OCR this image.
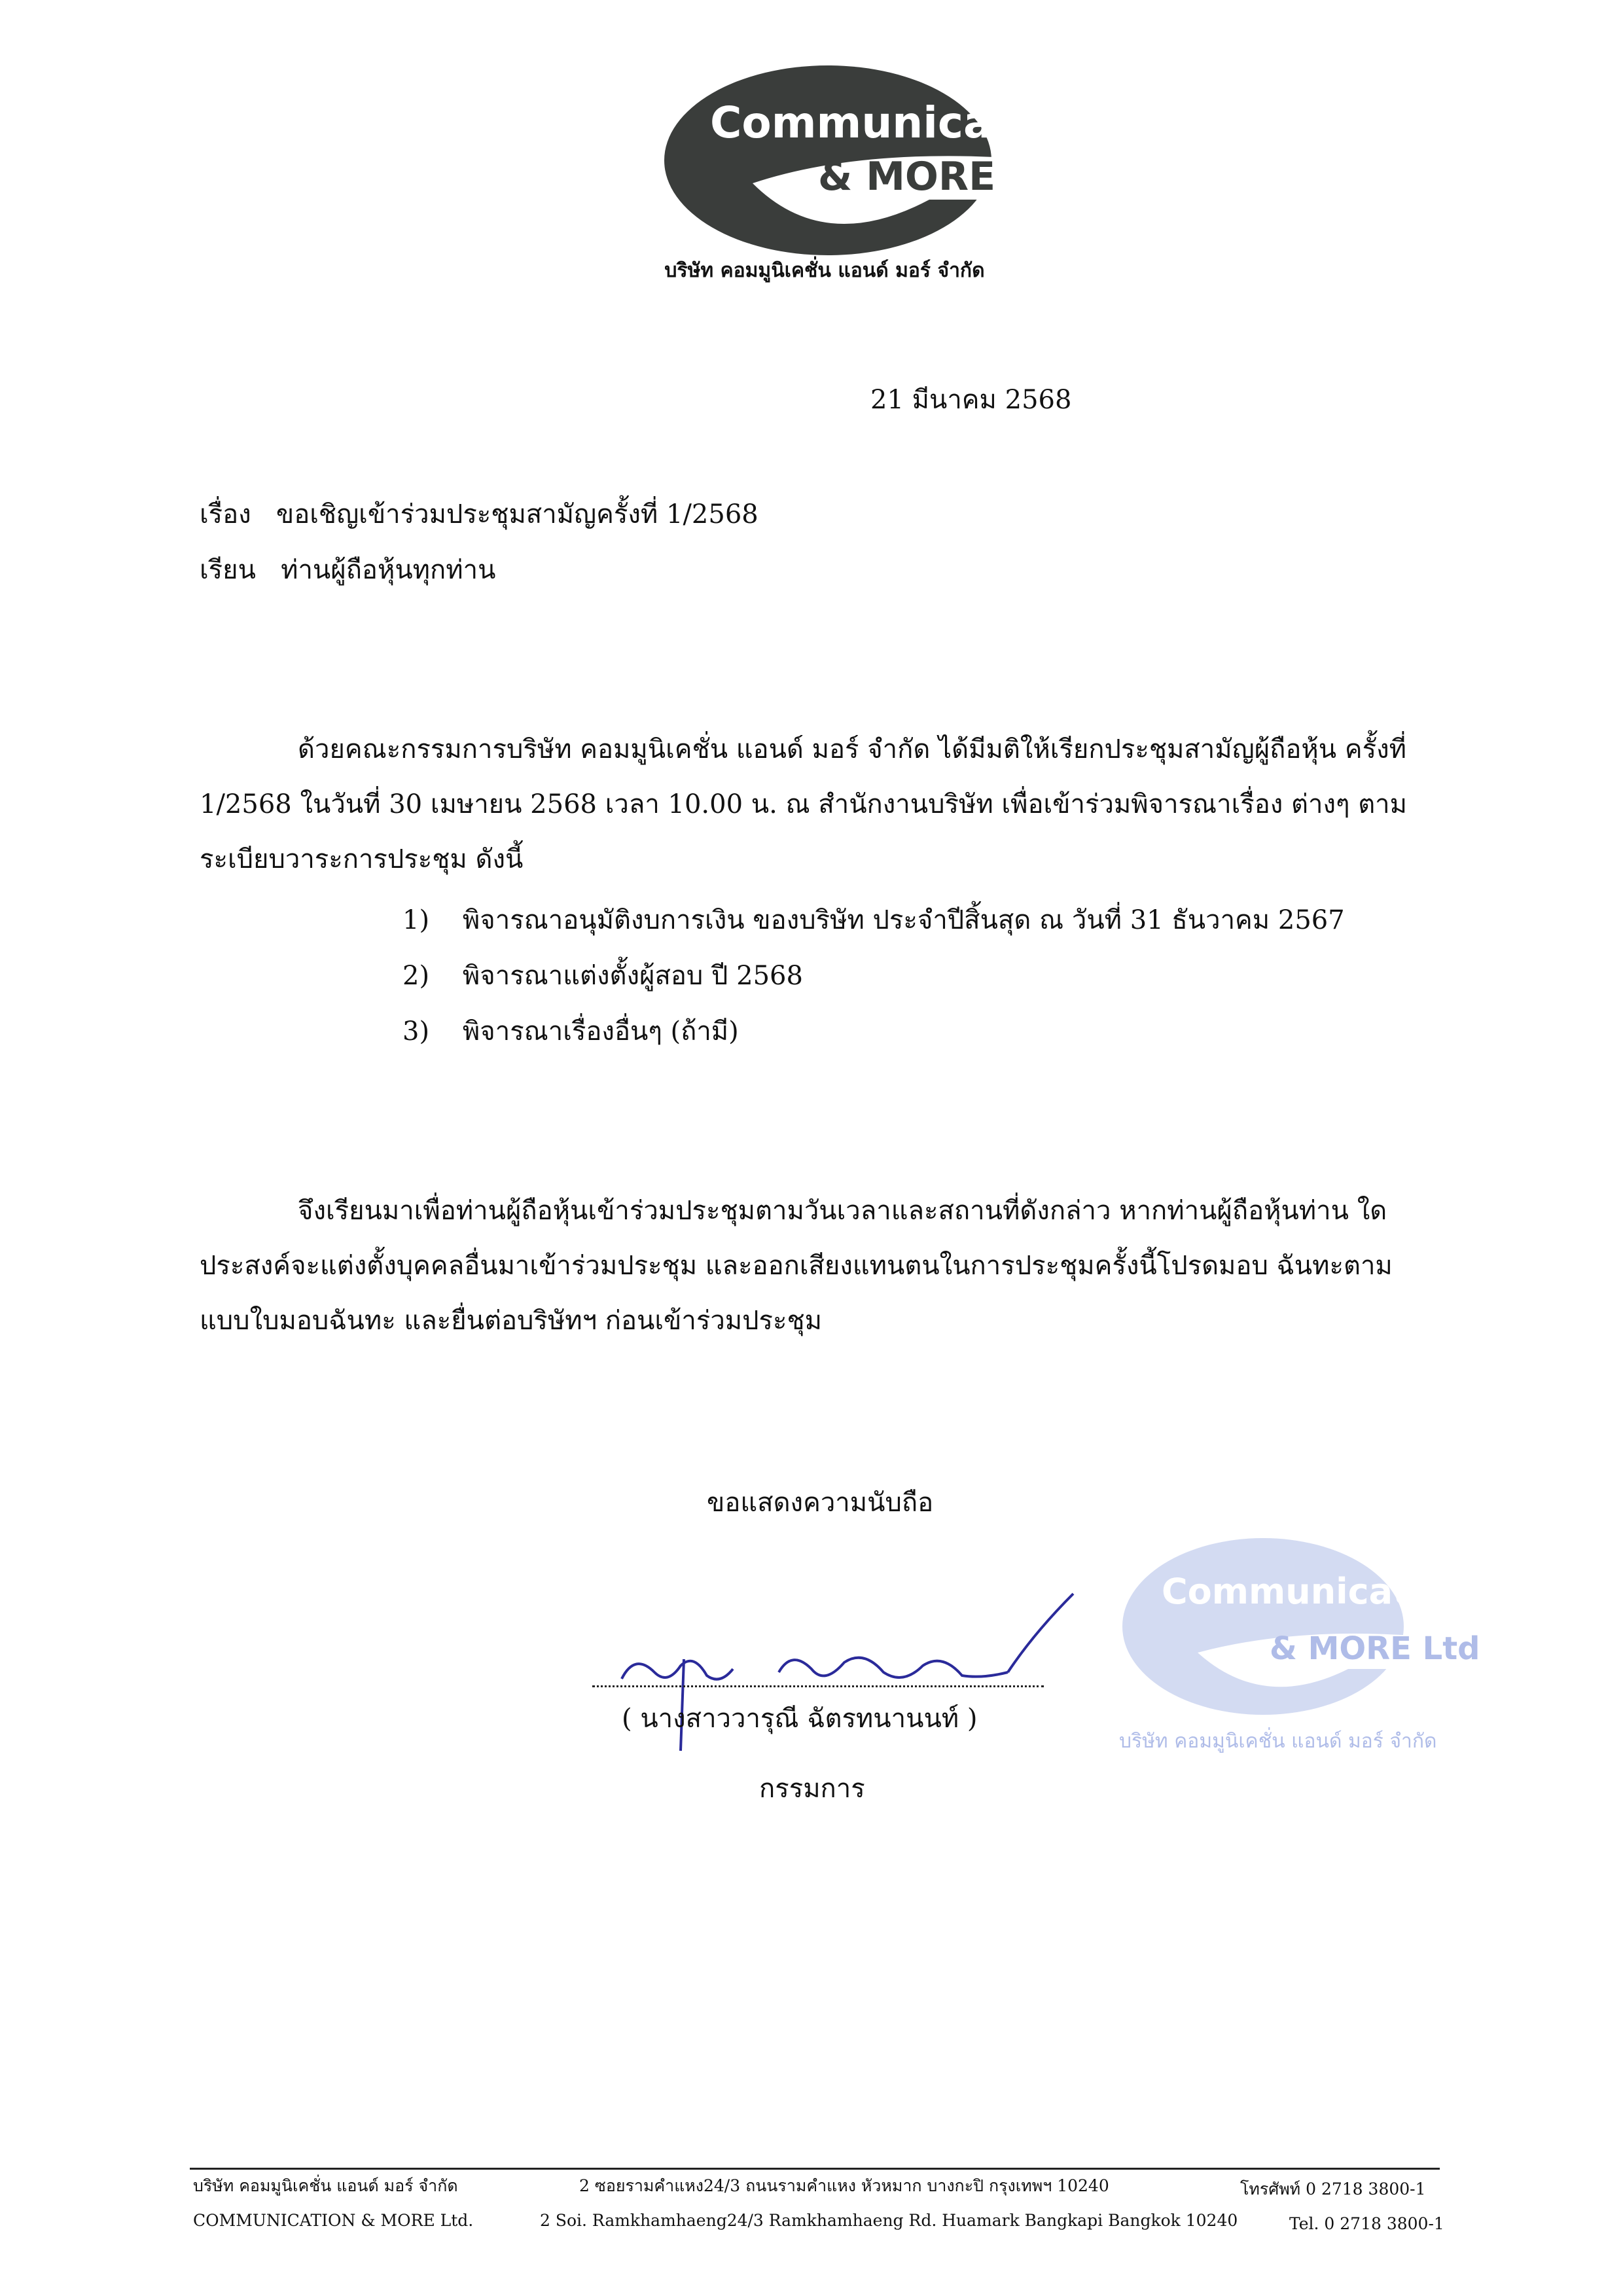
Communication
& MORE
บริษัท คอมมูนิเคชั่น แอนด์ มอร์ จำกัด
21 มีนาคม 2568
เรื่อง ขอเชิญเข้าร่วมประชุมสามัญครั้งที่ 1/2568
เรียน ท่านผู้ถือหุ้นทุกท่าน
ด้วยคณะกรรมการบริษัท คอมมูนิเคชั่น แอนด์ มอร์ จำกัด ได้มีมติให้เรียกประชุมสามัญผู้ถือหุ้น ครั้งที่ 1/2568 ในวันที่ 30 เมษายน 2568 เวลา 10.00 น. ณ สำนักงานบริษัท เพื่อเข้าร่วมพิจารณาเรื่อง ต่างๆ ตามระเบียบวาระการประชุม ดังนี้
1) พิจารณาอนุมัติงบการเงิน ของบริษัท ประจำปีสิ้นสุด ณ วันที่ 31 ธันวาคม 2567
2) พิจารณาแต่งตั้งผู้สอบ ปี 2568
3) พิจารณาเรื่องอื่นๆ (ถ้ามี)
จึงเรียนมาเพื่อท่านผู้ถือหุ้นเข้าร่วมประชุมตามวันเวลาและสถานที่ดังกล่าว หากท่านผู้ถือหุ้นท่าน ใดประสงค์จะแต่งตั้งบุคคลอื่นมาเข้าร่วมประชุม และออกเสียงแทนตนในการประชุมครั้งนี้โปรดมอบ ฉันทะตามแบบใบมอบฉันทะ และยื่นต่อบริษัทฯ ก่อนเข้าร่วมประชุม
ขอแสดงความนับถือ
Communications
& MORE Ltd
บริษัท คอมมูนิเคชั่น แอนด์ มอร์ จำกัด
( นางสาววารุณี ฉัตรทนานนท์ )
กรรมการ
บริษัท คอมมูนิเคชั่น แอนด์ มอร์ จำกัด
COMMUNICATION & MORE Ltd.
2 ซอยรามคำแหง24/3 ถนนรามคำแหง หัวหมาก บางกะปิ กรุงเทพฯ 10240
2 Soi. Ramkhamhaeng24/3 Ramkhamhaeng Rd. Huamark Bangkapi Bangkok 10240
โทรศัพท์ 0 2718 3800-1
Tel. 0 2718 3800-1
